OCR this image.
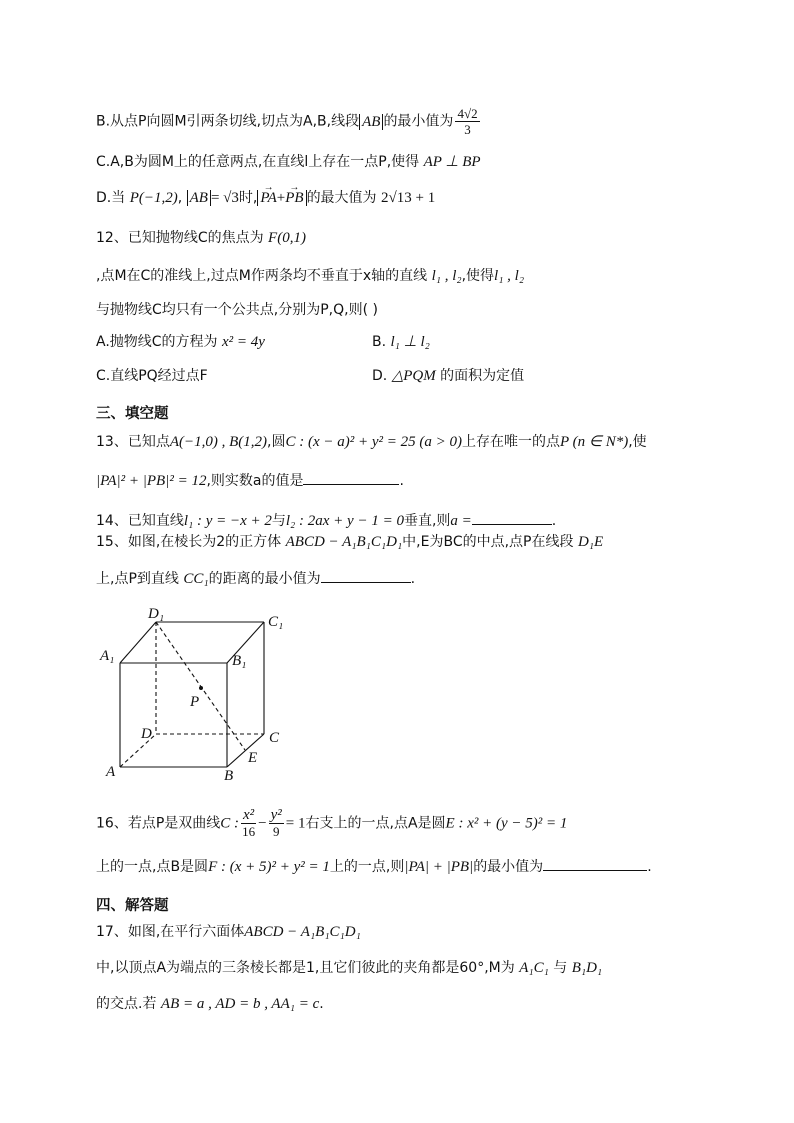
B.从点P向圆M引两条切线,切点为A,B,线段 AB 的最小值为 $\frac{4√2}{3}$
C.A,B为圆M上的任意两点,在直线l上存在一点P,使得 AP ⊥ BP
D.当 P(−1,2), AB = √3时,→ PA+→ PB 的最大值为 2√13 + 1
12、已知抛物线C的焦点为 F(0,1)
,点M在C的准线上,过点M作两条均不垂直于x轴的直线 l₁ , l₂,使得l₁ , l₂
与抛物线C均只有一个公共点,分别为P,Q,则( )
A.抛物线C的方程为 x² = 4y	B. l₁ ⊥ l₂
C.直线PQ经过点F	D. △PQM 的面积为定值
三、填空题
13、已知点A(−1,0) , B(1,2),圆C : (x − a)² + y² = 25 (a > 0)上存在唯一的点P (n ∈ N*),使
|PA|² + |PB|² = 12,则实数a的值是	.
14、已知直线l₁ : y = −x + 2与l₂ : 2ax + y − 1 = 0垂直,则a =	.
15、如图,在棱长为2的正方体 ABCD − A₁B₁C₁D₁中,E为BC的中点,点P在线段 D₁E
上,点P到直线 CC₁的距离的最小值为	.
D₁	C₁
A₁	B₁
P
D	C
E
A	B
16、若点P是双曲线C : $\frac{\text{x²}}{16} - \frac{\text{y²}}{9} = 1$右支上的一点,点A是圆E : x² + (y − 5)² = 1
上的一点,点B是圆F : (x + 5)² + y² = 1上的一点,则|PA| + |PB|的最小值为	.
四、解答题
17、如图,在平行六面体ABCD − A₁B₁C₁D₁
中,以顶点A为端点的三条棱长都是1,且它们彼此的夹角都是60°,M为 A₁C₁ 与 B₁D₁
的交点.若 AB = a , AD = b , AA₁ = c.
